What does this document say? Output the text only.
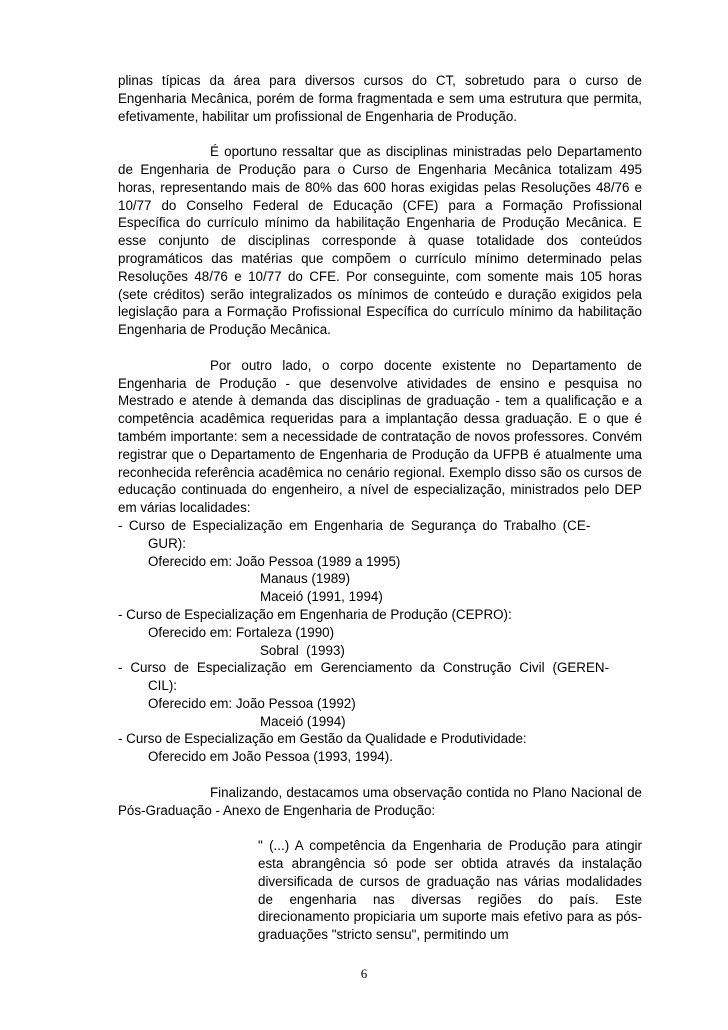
plinas típicas da área para diversos cursos do CT, sobretudo para o curso de Engenharia Mecânica, porém de forma fragmentada e sem uma estrutura que permita, efetivamente, habilitar um profissional de Engenharia de Produção.

É oportuno ressaltar que as disciplinas ministradas pelo Departamento de Engenharia de Produção para o Curso de Engenharia Mecânica totalizam 495 horas, representando mais de 80% das 600 horas exigidas pelas Resoluções 48/76 e 10/77 do Conselho Federal de Educação (CFE) para a Formação Profissional Específica do currículo mínimo da habilitação Engenharia de Produção Mecânica. E esse conjunto de disciplinas corresponde à quase totalidade dos conteúdos programáticos das matérias que compõem o currículo mínimo determinado pelas Resoluções 48/76 e 10/77 do CFE. Por conseguinte, com somente mais 105 horas (sete créditos) serão integralizados os mínimos de conteúdo e duração exigidos pela legislação para a Formação Profissional Específica do currículo mínimo da habilitação Engenharia de Produção Mecânica.

Por outro lado, o corpo docente existente no Departamento de Engenharia de Produção - que desenvolve atividades de ensino e pesquisa no Mestrado e atende à demanda das disciplinas de graduação - tem a qualificação e a competência acadêmica requeridas para a implantação dessa graduação. E o que é também importante: sem a necessidade de contratação de novos professores. Convém registrar que o Departamento de Engenharia de Produção da UFPB é atualmente uma reconhecida referência acadêmica no cenário regional. Exemplo disso são os cursos de educação continuada do engenheiro, a nível de especialização, ministrados pelo DEP em várias localidades:

- Curso de Especialização em Engenharia de Segurança do Trabalho (CE-

GUR):

Oferecido em: João Pessoa (1989 a 1995)

Manaus (1989)

Maceió (1991, 1994)

- Curso de Especialização em Engenharia de Produção (CEPRO):

Oferecido em: Fortaleza (1990)

Sobral  (1993)

- Curso de Especialização em Gerenciamento da Construção Civil (GEREN-

CIL):

Oferecido em: João Pessoa (1992)

Maceió (1994)

- Curso de Especialização em Gestão da Qualidade e Produtividade:

Oferecido em João Pessoa (1993, 1994).

Finalizando, destacamos uma observação contida no Plano Nacional de Pós-Graduação - Anexo de Engenharia de Produção:

" (...) A competência da Engenharia de Produção para atingir esta abrangência só pode ser obtida através da instalação diversificada de cursos de graduação nas várias modalidades de engenharia nas diversas regiões do país. Este direcionamento propiciaria um suporte mais efetivo para as pós-graduações "stricto sensu", permitindo um

6
